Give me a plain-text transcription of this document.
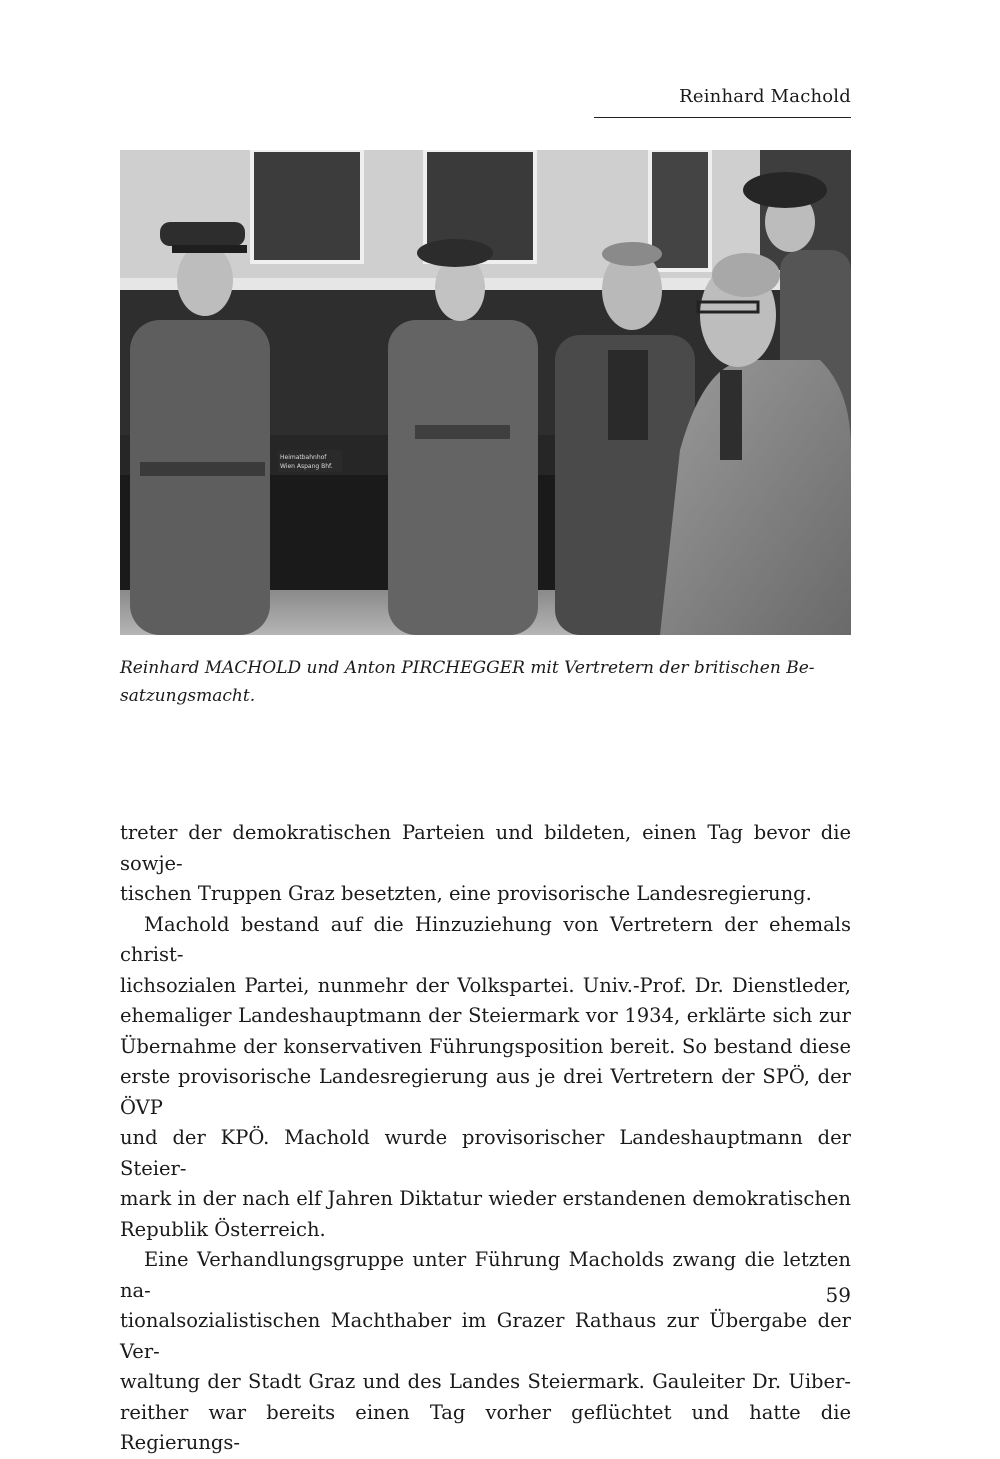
Reinhard Machold
Heimatbahnhof
Wien Aspang Bhf.

Reinhard MACHOLD und Anton PIRCHEGGER mit Vertretern der britischen Be-

satzungsmacht.

treter der demokratischen Parteien und bildeten, einen Tag bevor die sowje-

tischen Truppen Graz besetzten, eine provisorische Landesregierung.

Machold bestand auf die Hinzuziehung von Vertretern der ehemals christ-

lichsozialen Partei, nunmehr der Volkspartei. Univ.-Prof. Dr. Dienstleder,

ehemaliger Landeshauptmann der Steiermark vor 1934, erklärte sich zur

Übernahme der konservativen Führungsposition bereit. So bestand diese

erste provisorische Landesregierung aus je drei Vertretern der SPÖ, der ÖVP

und der KPÖ. Machold wurde provisorischer Landeshauptmann der Steier-

mark in der nach elf Jahren Diktatur wieder erstandenen demokratischen

Republik Österreich.

Eine Verhandlungsgruppe unter Führung Macholds zwang die letzten na-

tionalsozialistischen Machthaber im Grazer Rathaus zur Übergabe der Ver-

waltung der Stadt Graz und des Landes Steiermark. Gauleiter Dr. Uiber-

reither war bereits einen Tag vorher geflüchtet und hatte die Regierungs-

59
